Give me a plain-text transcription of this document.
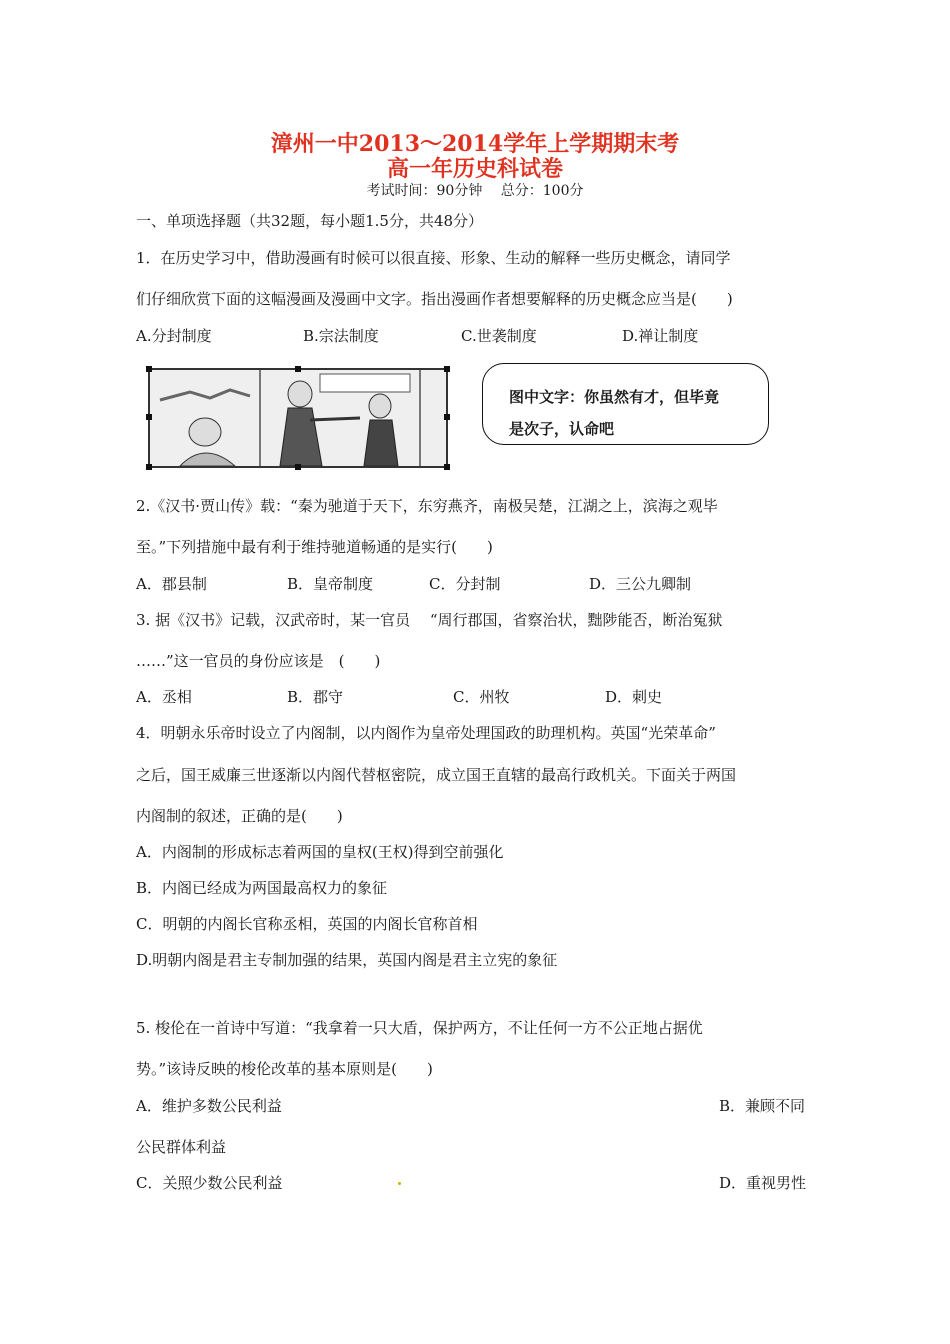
漳州一中2013～2014学年上学期期末考
高一年历史科试卷
考试时间：90分钟　 总分：100分
一、单项选择题（共32题，每小题1.5分，共48分）
1．在历史学习中，借助漫画有时候可以很直接、形象、生动的解释一些历史概念，请同学
们仔细欣赏下面的这幅漫画及漫画中文字。指出漫画作者想要解释的历史概念应当是(　　)
A.分封制度	B.宗法制度	C.世袭制度	D.禅让制度
图中文字：你虽然有才，但毕竟
是次子，认命吧
2.《汉书·贾山传》载：“秦为驰道于天下，东穷燕齐，南极吴楚，江湖之上，滨海之观毕
至。”下列措施中最有利于维持驰道畅通的是实行(　　)
A．郡县制	B．皇帝制度	C．分封制	D．三公九卿制
3. 据《汉书》记载，汉武帝时，某一官员　 “周行郡国，省察治状，黜陟能否，断治冤狱
……”这一官员的身份应该是　(　　)
A．丞相	B．郡守	C．州牧	D．刺史
4．明朝永乐帝时设立了内阁制，以内阁作为皇帝处理国政的助理机构。英国“光荣革命”
之后，国王威廉三世逐渐以内阁代替枢密院，成立国王直辖的最高行政机关。下面关于两国
内阁制的叙述，正确的是(　　)
A．内阁制的形成标志着两国的皇权(王权)得到空前强化
B．内阁已经成为两国最高权力的象征
C．明朝的内阁长官称丞相，英国的内阁长官称首相
D.明朝内阁是君主专制加强的结果，英国内阁是君主立宪的象征
5. 梭伦在一首诗中写道：“我拿着一只大盾，保护两方，不让任何一方不公正地占据优
势。”该诗反映的梭伦改革的基本原则是(　　)
A．维护多数公民利益	B．兼顾不同
公民群体利益
C．关照少数公民利益	D．重视男性
